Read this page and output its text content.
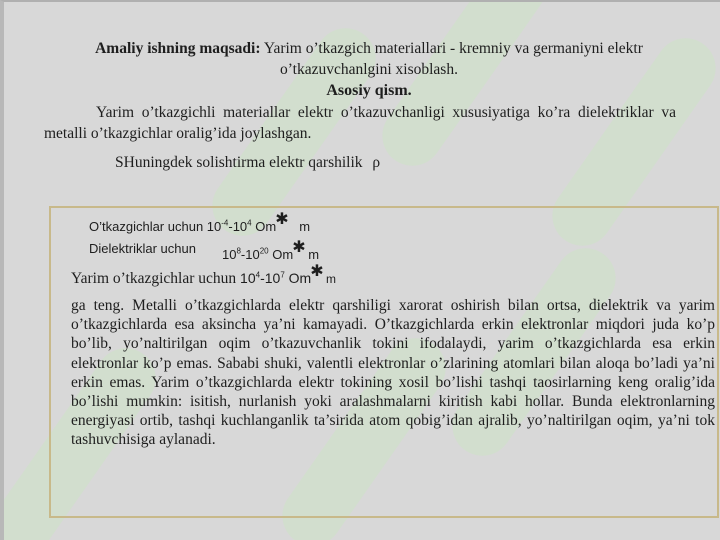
Amaliy ishning maqsadi: Yarim o’tkazgich materiallari - kremniy va germaniyni elektr o’tkazuvchanlgini xisoblash.
Asosiy qism.
Yarim o’tkazgichli materiallar elektr o’tkazuvchanligi xususiyatiga ko’ra dielektriklar va metalli o’tkazgichlar oralig’ida joylashgan.
SHuningdek solishtirma elektr qarshilik ρ
O’tkazgichlar uchun $10^{-4}-10^4$ Om✱ m
Dielektriklar uchun $10^8-10^{20}$ Om✱ m
Yarim o’tkazgichlar uchun $10^4-10^7$ Om✱ m
ga teng. Metalli o’tkazgichlarda elektr qarshiligi xarorat oshirish bilan ortsa, dielektrik va yarim o’tkazgichlarda esa aksincha ya’ni kamayadi. O’tkazgichlarda erkin elektronlar miqdori juda ko’p bo’lib, yo’naltirilgan oqim o’tkazuvchanlik tokini ifodalaydi, yarim o’tkazgichlarda esa erkin elektronlar ko’p emas. Sababi shuki, valentli elektronlar o’zlarining atomlari bilan aloqa bo’ladi ya’ni erkin emas. Yarim o’tkazgichlarda elektr tokining xosil bo’lishi tashqi taosirlarning keng oralig’ida bo’lishi mumkin: isitish, nurlanish yoki aralashmalarni kiritish kabi hollar. Bunda elektronlarning energiyasi ortib, tashqi kuchlanganlik ta’sirida atom qobig’idan ajralib, yo’naltirilgan oqim, ya’ni tok tashuvchisiga aylanadi.
